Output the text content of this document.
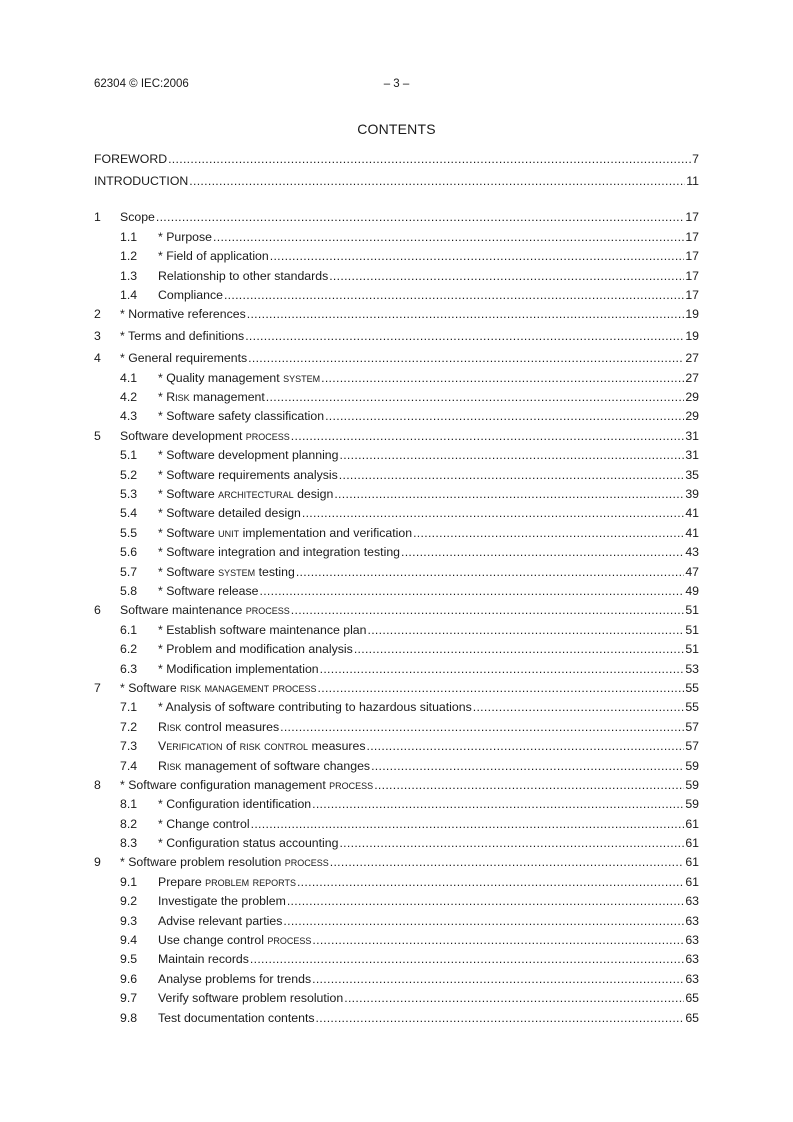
62304 © IEC:2006	– 3 –
CONTENTS
FOREWORD .....	7
INTRODUCTION .....	11
1 Scope .....	17
1.1 * Purpose .....	17
1.2 * Field of application .....	17
1.3 Relationship to other standards .....	17
1.4 Compliance .....	17
2 * Normative references .....	19
3 * Terms and definitions .....	19
4 * General requirements .....	27
4.1 * Quality management system .....	27
4.2 * Risk management .....	29
4.3 * Software safety classification .....	29
5 Software development process .....	31
5.1 * Software development planning .....	31
5.2 * Software requirements analysis .....	35
5.3 * Software architectural design .....	39
5.4 * Software detailed design .....	41
5.5 * Software unit implementation and verification .....	41
5.6 * Software integration and integration testing .....	43
5.7 * Software system testing .....	47
5.8 * Software release .....	49
6 Software maintenance process .....	51
6.1 * Establish software maintenance plan .....	51
6.2 * Problem and modification analysis .....	51
6.3 * Modification implementation .....	53
7 * Software risk management process .....	55
7.1 * Analysis of software contributing to hazardous situations .....	55
7.2 Risk control measures .....	57
7.3 Verification of risk control measures .....	57
7.4 Risk management of software changes .....	59
8 * Software configuration management process .....	59
8.1 * Configuration identification .....	59
8.2 * Change control .....	61
8.3 * Configuration status accounting .....	61
9 * Software problem resolution process .....	61
9.1 Prepare problem reports .....	61
9.2 Investigate the problem .....	63
9.3 Advise relevant parties .....	63
9.4 Use change control process .....	63
9.5 Maintain records .....	63
9.6 Analyse problems for trends .....	63
9.7 Verify software problem resolution .....	65
9.8 Test documentation contents .....	65
